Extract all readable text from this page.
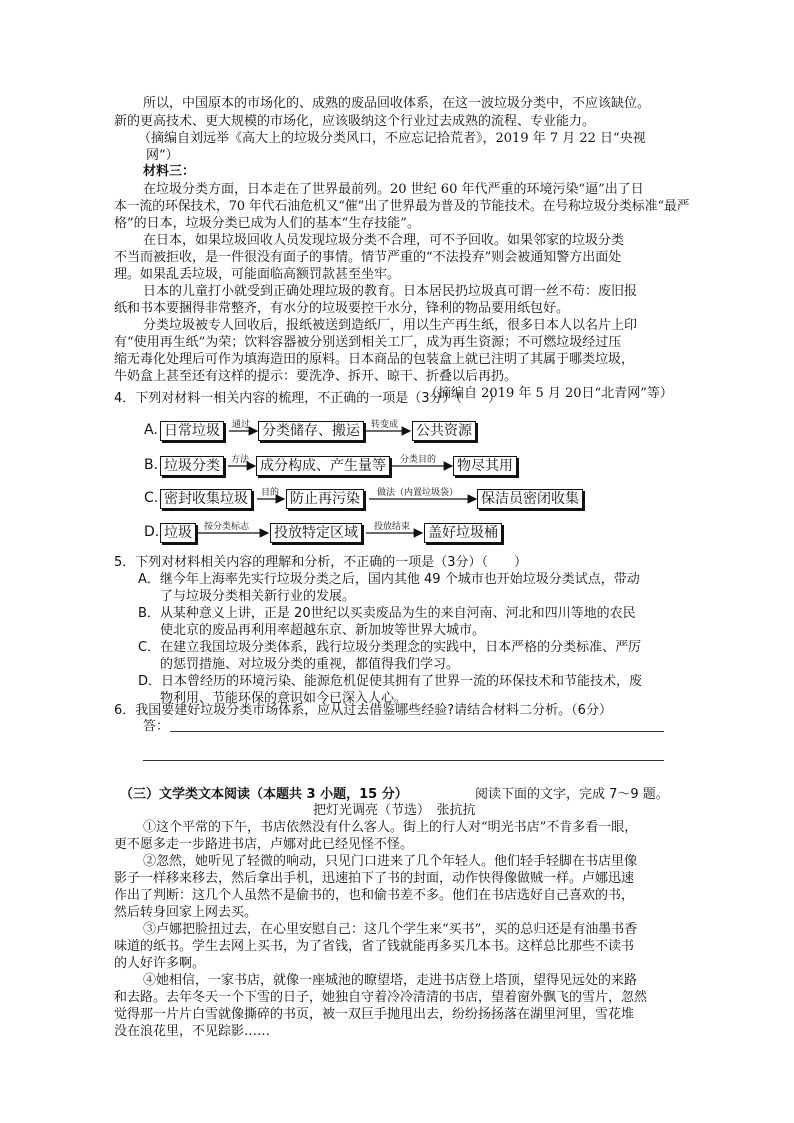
所以，中国原本的市场化的、成熟的废品回收体系，在这一波垃圾分类中，不应该缺位。
新的更高技术、更大规模的市场化，应该吸纳这个行业过去成熟的流程、专业能力。
（摘编自刘远举《高大上的垃圾分类风口，不应忘记拾荒者》，2019 年 7 月 22 日“央视
网”）
材料三：
在垃圾分类方面，日本走在了世界最前列。20 世纪 60 年代严重的环境污染“逼”出了日
本一流的环保技术，70 年代石油危机又“催”出了世界最为普及的节能技术。在号称垃圾分类标准“最严
格”的日本，垃圾分类已成为人们的基本“生存技能”。
在日本，如果垃圾回收人员发现垃圾分类不合理，可不予回收。如果邻家的垃圾分类
不当而被拒收，是一件很没有面子的事情。情节严重的“不法投弃”则会被通知警方出面处
理。如果乱丢垃圾，可能面临高额罚款甚至坐牢。
日本的儿童打小就受到正确处理垃圾的教育。日本居民扔垃圾真可谓一丝不苟：废旧报
纸和书本要捆得非常整齐，有水分的垃圾要控干水分，锋利的物品要用纸包好。
分类垃圾被专人回收后，报纸被送到造纸厂，用以生产再生纸，很多日本人以名片上印
有“使用再生纸”为荣；饮料容器被分别送到相关工厂，成为再生资源；不可燃垃圾经过压
缩无毒化处理后可作为填海造田的原料。日本商品的包装盒上就已注明了其属于哪类垃圾，
牛奶盒上甚至还有这样的提示：要洗净、拆开、晾干、折叠以后再扔。
（摘编自 2019 年 5 月 20日“北青网”等）
4．下列对材料一相关内容的梳理，不正确的一项是（3分）（　　）
A. 日常垃圾	通过 分类储存、搬运	转变成 公共资源
B. 垃圾分类	方法 成分构成、产生量等	分类目的 物尽其用
C. 密封收集垃圾	目的 防止再污染	做法（内置垃圾袋） 保洁员密闭收集
D. 垃圾	按分类标志 投放特定区域	投放结束 盖好垃圾桶
5．下列对材料相关内容的理解和分析，不正确的一项是（3分）（　　）
A．继今年上海率先实行垃圾分类之后，国内其他 49 个城市也开始垃圾分类试点，带动
了与垃圾分类相关新行业的发展。
B．从某种意义上讲，正是 20世纪以买卖废品为生的来自河南、河北和四川等地的农民
使北京的废品再利用率超越东京、新加坡等世界大城市。
C．在建立我国垃圾分类体系，践行垃圾分类理念的实践中，日本严格的分类标准、严厉
的惩罚措施、对垃圾分类的重视，都值得我们学习。
D．日本曾经历的环境污染、能源危机促使其拥有了世界一流的环保技术和节能技术，废
物利用、节能环保的意识如今已深入人心。
6．我国要建好垃圾分类市场体系，应从过去借鉴哪些经验?请结合材料二分析。（6分）
答：
（三）文学类文本阅读（本题共 3 小题，15 分）	阅读下面的文字，完成 7～9 题。
把灯光调亮（节选）　张抗抗
①这个平常的下午，书店依然没有什么客人。街上的行人对“明光书店”不肯多看一眼，
更不愿多走一步路进书店，卢娜对此已经见怪不怪。
②忽然，她听见了轻微的响动，只见门口进来了几个年轻人。他们轻手轻脚在书店里像
影子一样移来移去，然后拿出手机，迅速拍下了书的封面，动作快得像做贼一样。卢娜迅速
作出了判断：这几个人虽然不是偷书的，也和偷书差不多。他们在书店选好自己喜欢的书，
然后转身回家上网去买。
③卢娜把脸扭过去，在心里安慰自己：这几个学生来“买书”，买的总归还是有油墨书香
味道的纸书。学生去网上买书，为了省钱，省了钱就能再多买几本书。这样总比那些不读书
的人好许多啊。
④她相信，一家书店，就像一座城池的瞭望塔，走进书店登上塔顶，望得见远处的来路
和去路。去年冬天一个下雪的日子，她独自守着冷冷清清的书店，望着窗外飘飞的雪片，忽然
觉得那一片片白雪就像撕碎的书页，被一双巨手抛甩出去，纷纷扬扬落在湖里河里，雪花堆
没在浪花里，不见踪影……
